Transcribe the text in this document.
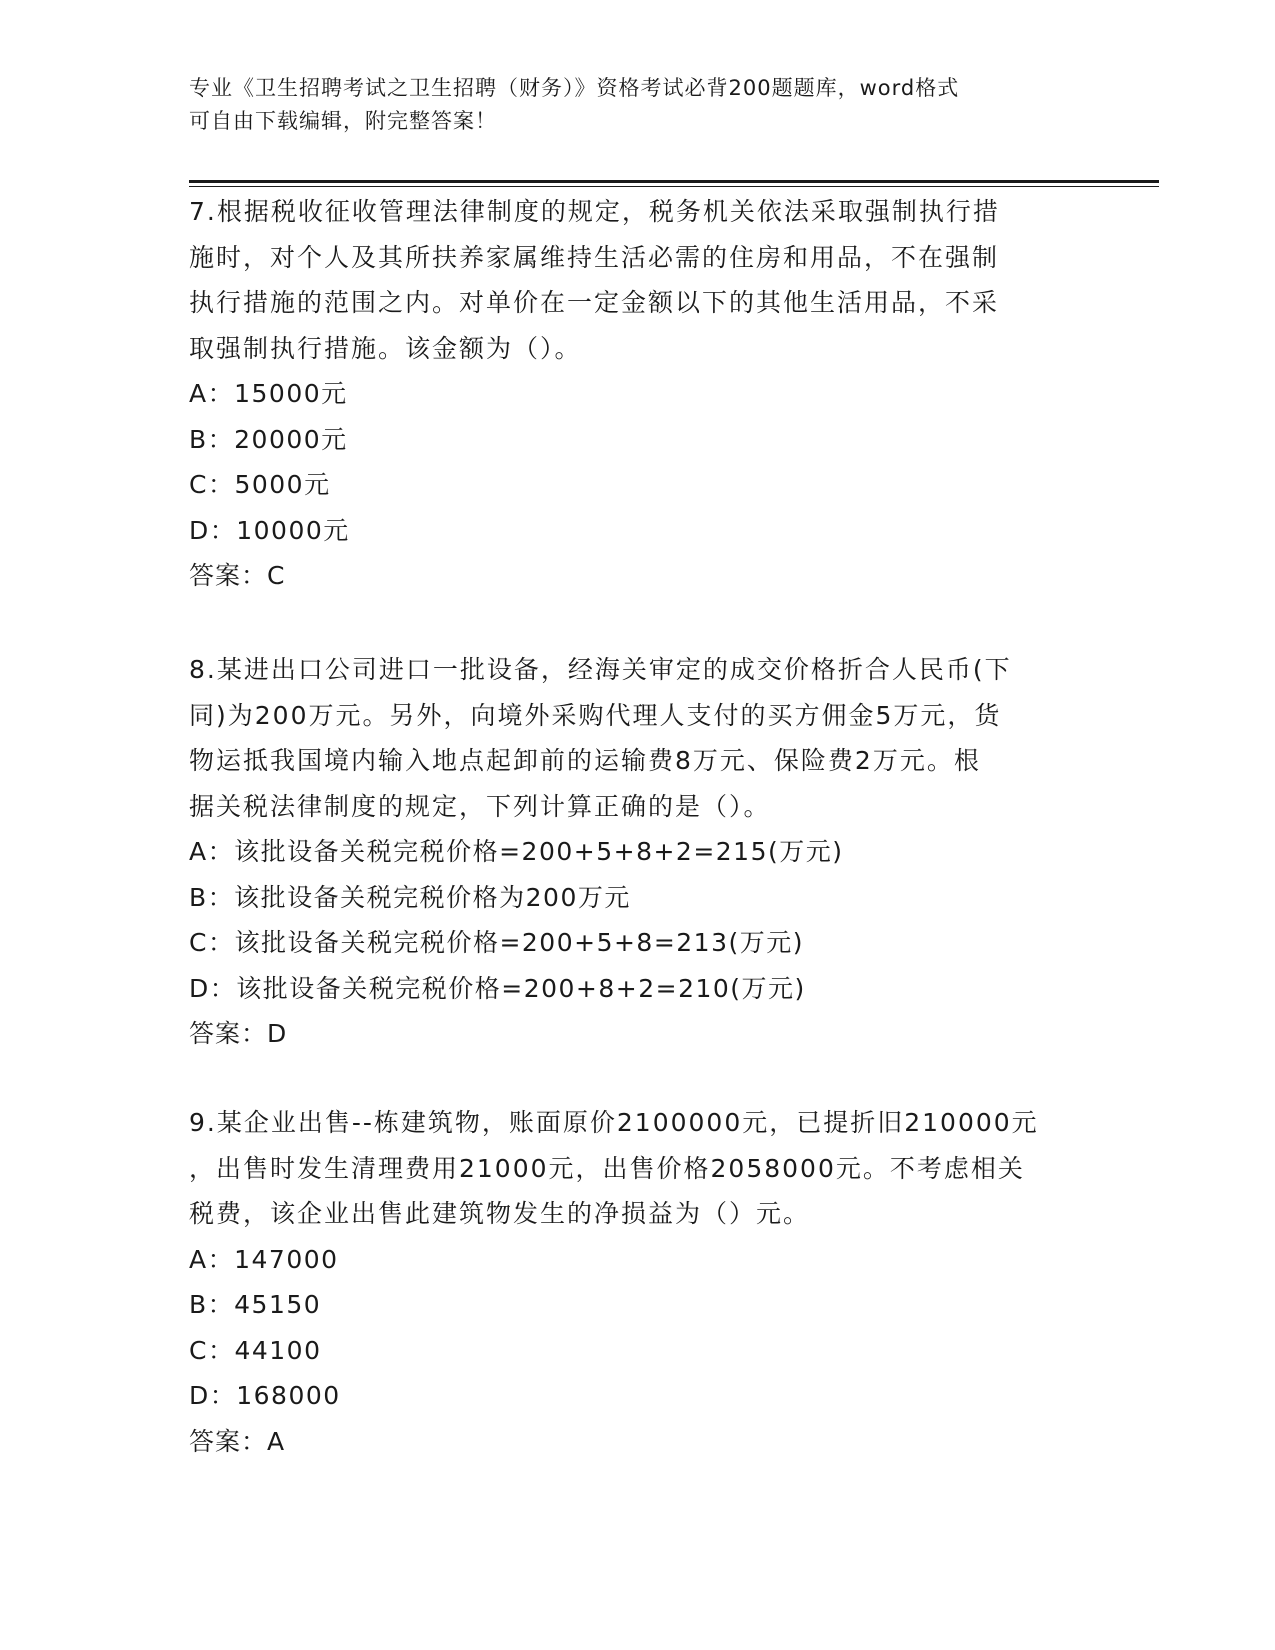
专业《卫生招聘考试之卫生招聘（财务）》资格考试必背200题题库，word格式
可自由下载编辑，附完整答案！
7.根据税收征收管理法律制度的规定，税务机关依法采取强制执行措
施时，对个人及其所扶养家属维持生活必需的住房和用品，不在强制
执行措施的范围之内。对单价在一定金额以下的其他生活用品，不采
取强制执行措施。该金额为（）。
A：15000元
B：20000元
C：5000元
D：10000元
答案：C
8.某进出口公司进口一批设备，经海关审定的成交价格折合人民币(下
同)为200万元。另外，向境外采购代理人支付的买方佣金5万元，货
物运抵我国境内输入地点起卸前的运输费8万元、保险费2万元。根
据关税法律制度的规定，下列计算正确的是（）。
A：该批设备关税完税价格=200+5+8+2=215(万元)
B：该批设备关税完税价格为200万元
C：该批设备关税完税价格=200+5+8=213(万元)
D：该批设备关税完税价格=200+8+2=210(万元)
答案：D
9.某企业出售--栋建筑物，账面原价2100000元，已提折旧210000元
，出售时发生清理费用21000元，出售价格2058000元。不考虑相关
税费，该企业出售此建筑物发生的净损益为（）元。
A：147000
B：45150
C：44100
D：168000
答案：A
